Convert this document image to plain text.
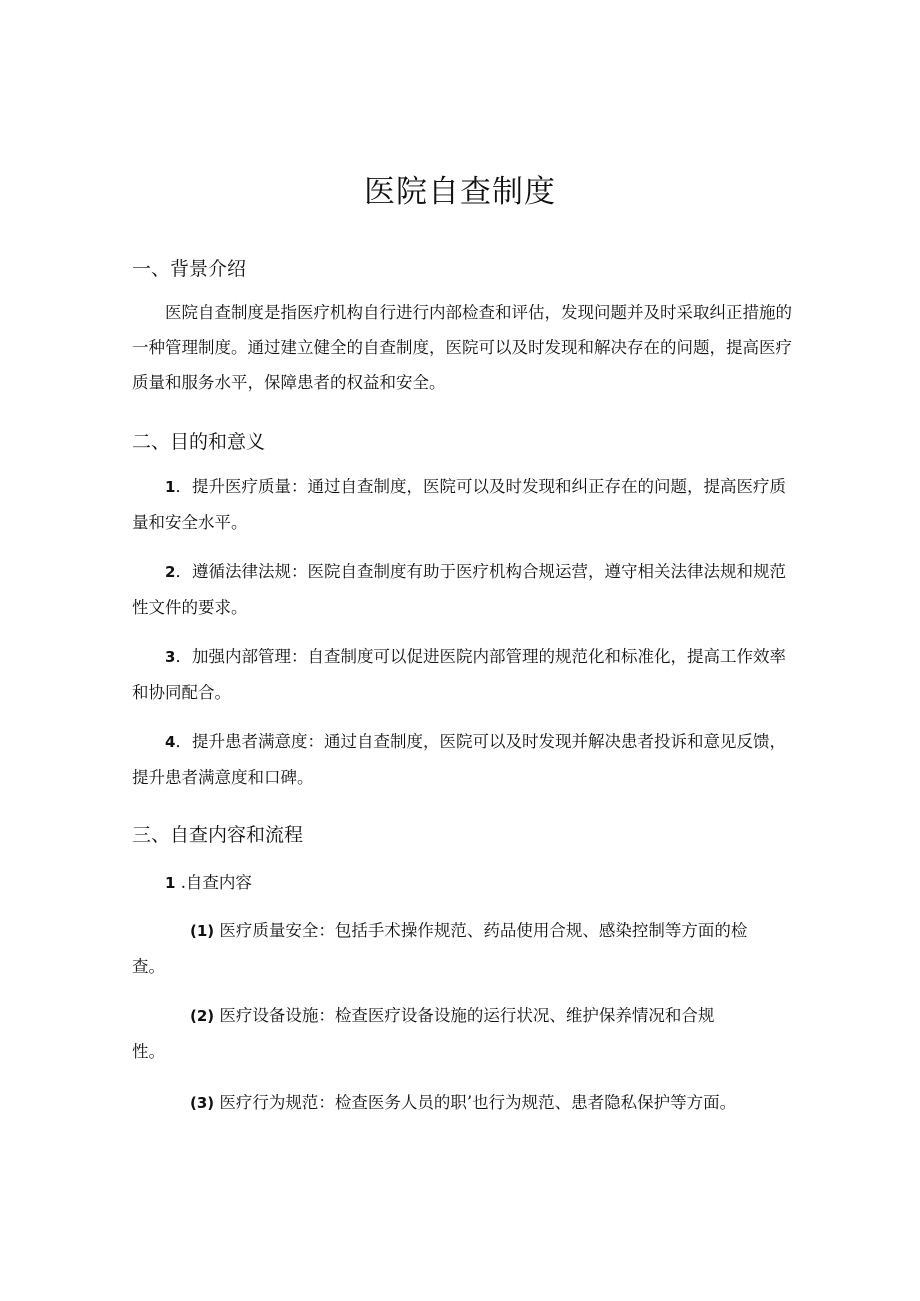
医院自查制度
一、背景介绍
医院自查制度是指医疗机构自行进行内部检查和评估，发现问题并及时采取纠正措施的一种管理制度。通过建立健全的自查制度，医院可以及时发现和解决存在的问题，提高医疗质量和服务水平，保障患者的权益和安全。
二、目的和意义
1．提升医疗质量：通过自查制度，医院可以及时发现和纠正存在的问题，提高医疗质量和安全水平。
2．遵循法律法规：医院自查制度有助于医疗机构合规运营，遵守相关法律法规和规范性文件的要求。
3．加强内部管理：自查制度可以促进医院内部管理的规范化和标准化，提高工作效率和协同配合。
4．提升患者满意度：通过自查制度，医院可以及时发现并解决患者投诉和意见反馈，提升患者满意度和口碑。
三、自查内容和流程
1 .自查内容
(1) 医疗质量安全：包括手术操作规范、药品使用合规、感染控制等方面的检
查。
(2) 医疗设备设施：检查医疗设备设施的运行状况、维护保养情况和合规
性。
(3) 医疗行为规范：检查医务人员的职’也行为规范、患者隐私保护等方面。
